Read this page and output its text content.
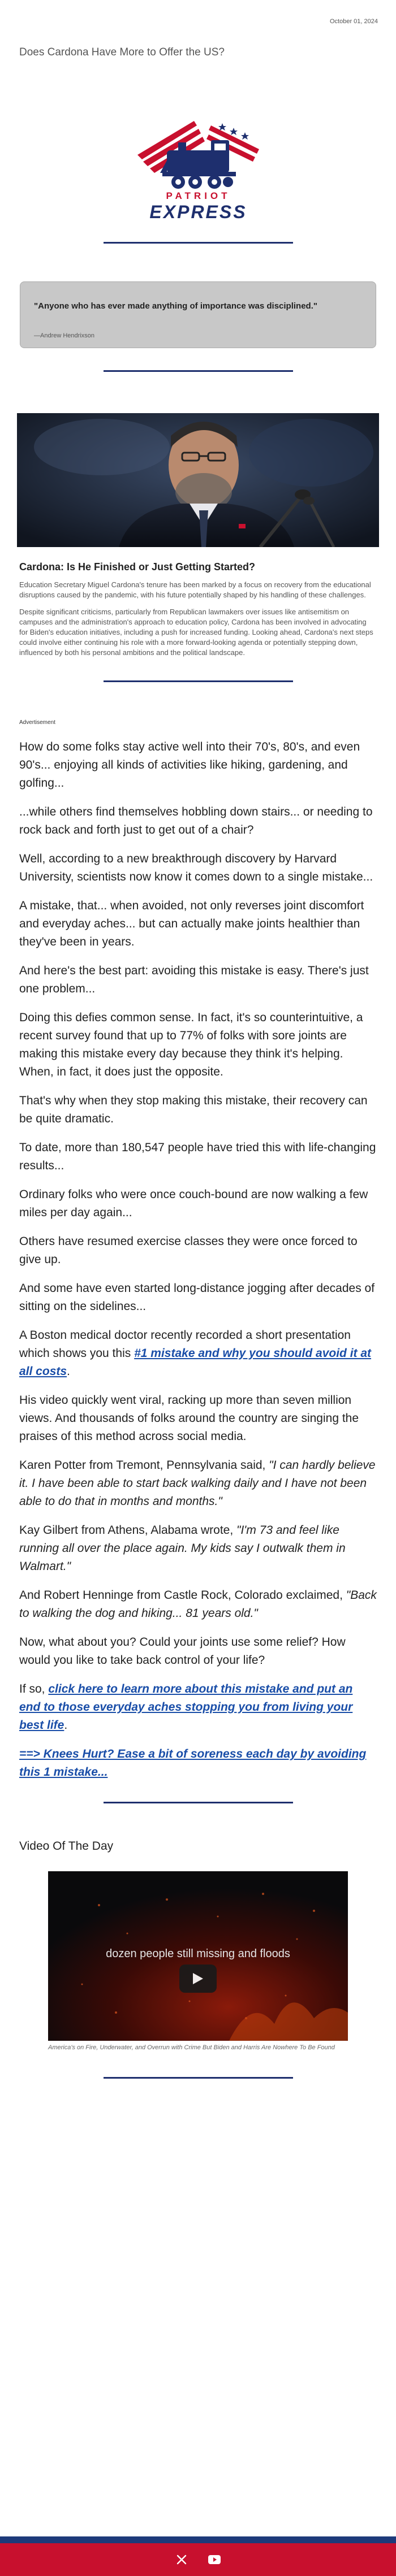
October 01, 2024
Does Cardona Have More to Offer the US?
PATRIOT
EXPRESS
"Anyone who has ever made anything of importance was disciplined."
—Andrew Hendrixson
Cardona: Is He Finished or Just Getting Started?
Education Secretary Miguel Cardona's tenure has been marked by a focus on recovery from the educational disruptions caused by the pandemic, with his future potentially shaped by his handling of these challenges.
Despite significant criticisms, particularly from Republican lawmakers over issues like antisemitism on campuses and the administration's approach to education policy, Cardona has been involved in advocating for Biden's education initiatives, including a push for increased funding. Looking ahead, Cardona's next steps could involve either continuing his role with a more forward-looking agenda or potentially stepping down, influenced by both his personal ambitions and the political landscape.
Advertisement

How do some folks stay active well into their 70's, 80's, and even 90's... enjoying all kinds of activities like hiking, gardening, and golfing...

...while others find themselves hobbling down stairs... or needing to rock back and forth just to get out of a chair?

Well, according to a new breakthrough discovery by Harvard University, scientists now know it comes down to a single mistake...

A mistake, that... when avoided, not only reverses joint discomfort and everyday aches... but can actually make joints healthier than they've been in years.

And here's the best part: avoiding this mistake is easy. There's just one problem...

Doing this defies common sense. In fact, it's so counterintuitive, a recent survey found that up to 77% of folks with sore joints are making this mistake every day because they think it's helping. When, in fact, it does just the opposite.

That's why when they stop making this mistake, their recovery can be quite dramatic.

To date, more than 180,547 people have tried this with life-changing results...

Ordinary folks who were once couch-bound are now walking a few miles per day again...

Others have resumed exercise classes they were once forced to give up.

And some have even started long-distance jogging after decades of sitting on the sidelines...

A Boston medical doctor recently recorded a short presentation which shows you this #1 mistake and why you should avoid it at all costs.

His video quickly went viral, racking up more than seven million views. And thousands of folks around the country are singing the praises of this method across social media.

Karen Potter from Tremont, Pennsylvania said, "I can hardly believe it. I have been able to start back walking daily and I have not been able to do that in months and months."

Kay Gilbert from Athens, Alabama wrote, "I'm 73 and feel like running all over the place again. My kids say I outwalk them in Walmart."

And Robert Henninge from Castle Rock, Colorado exclaimed, "Back to walking the dog and hiking... 81 years old."

Now, what about you? Could your joints use some relief? How would you like to take back control of your life?

If so, click here to learn more about this mistake and put an end to those everyday aches stopping you from living your best life.

==> Knees Hurt? Ease a bit of soreness each day by avoiding this 1 mistake...

Video Of The Day
dozen people still missing and floods
America's on Fire, Underwater, and Overrun with Crime But Biden and Harris Are Nowhere To Be Found
